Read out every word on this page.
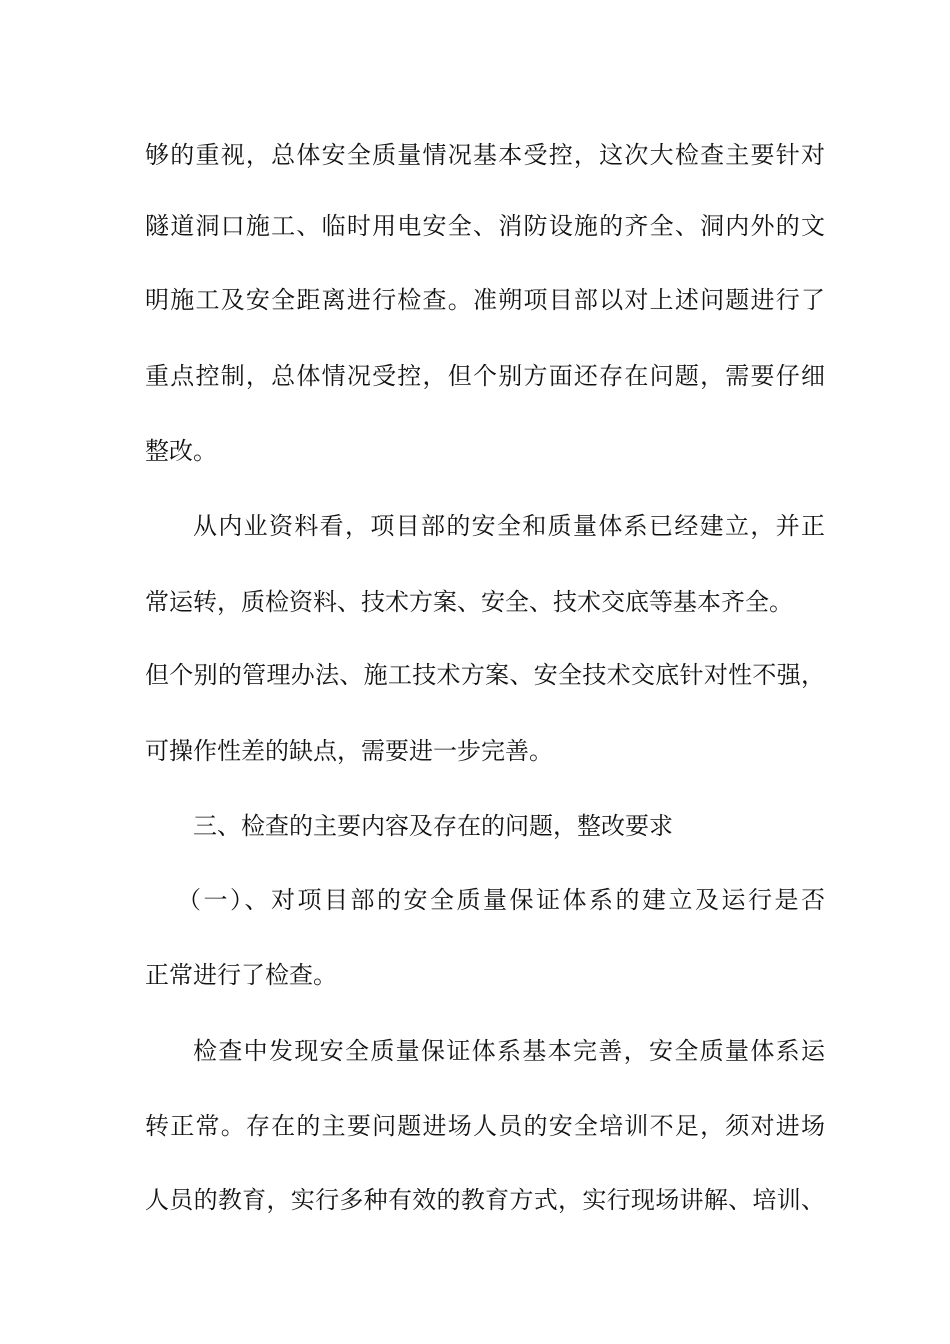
够的重视，总体安全质量情况基本受控，这次大检查主要针对
隧道洞口施工、临时用电安全、消防设施的齐全、洞内外的文
明施工及安全距离进行检查。准朔项目部以对上述问题进行了
重点控制，总体情况受控，但个别方面还存在问题，需要仔细
整改。
从内业资料看，项目部的安全和质量体系已经建立，并正
常运转，质检资料、技术方案、安全、技术交底等基本齐全。
但个别的管理办法、施工技术方案、安全技术交底针对性不强，
可操作性差的缺点，需要进一步完善。
三、检查的主要内容及存在的问题，整改要求
（一）、对项目部的安全质量保证体系的建立及运行是否
正常进行了检查。
检查中发现安全质量保证体系基本完善，安全质量体系运
转正常。存在的主要问题进场人员的安全培训不足，须对进场
人员的教育，实行多种有效的教育方式，实行现场讲解、培训、
